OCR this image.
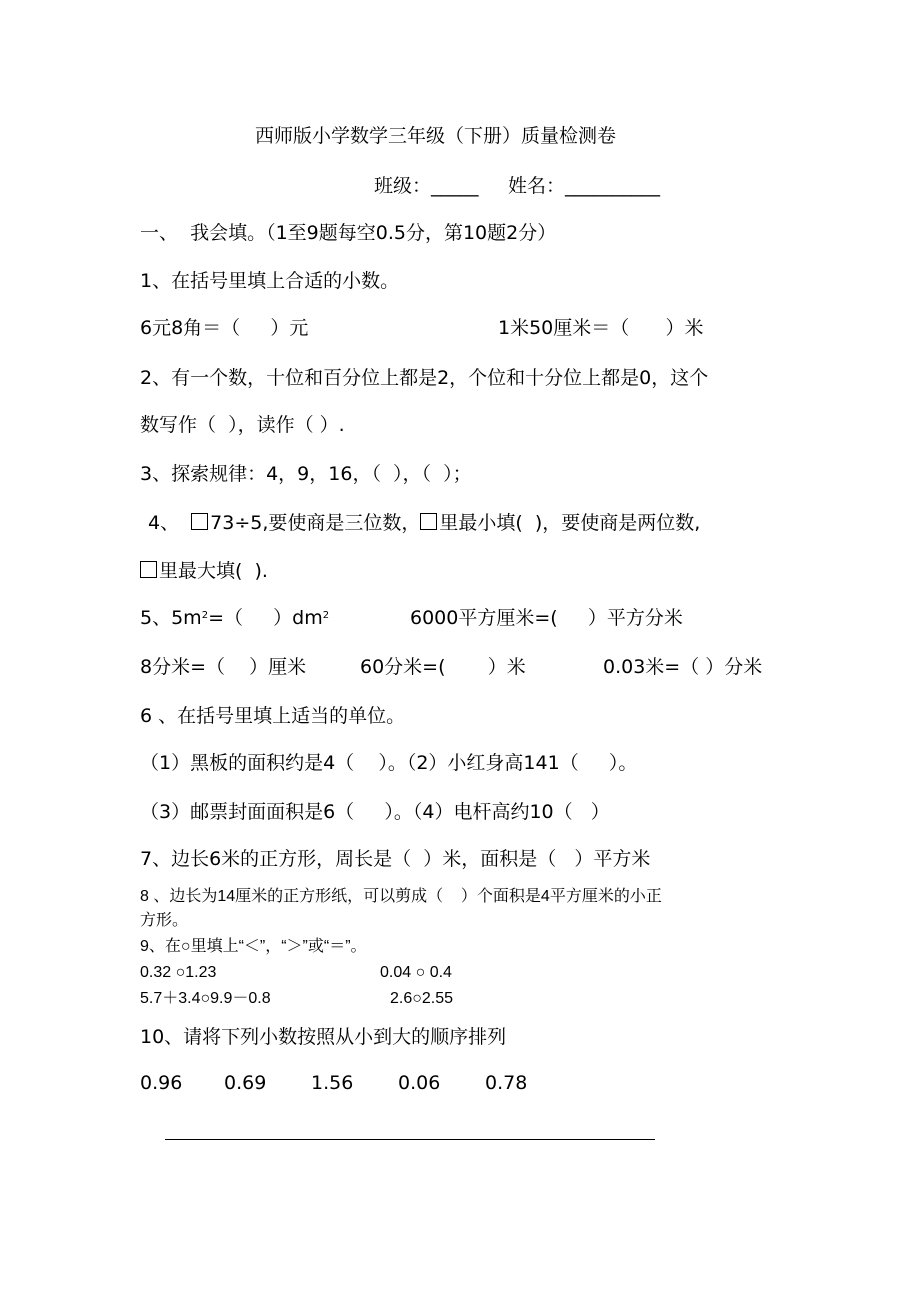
西师版小学数学三年级（下册）质量检测卷
班级：_____ 姓名：__________
一、  我会填。（1至9题每空0.5分，第10题2分）
1、在括号里填上合适的小数。
6元8角＝（     ）元	1米50厘米＝（      ）米
2、有一个数，十位和百分位上都是2，个位和十分位上都是0，这个
数写作（  ），读作（ ）.
3、探索规律：4，9，16，（  ），（  ）；
4、  73÷5,要使商是三位数， 里最小填(  )，要使商是两位数,
里最大填(  ).
5、$5m^2=$（     ）$dm^2$	6000平方厘米=(     ）平方分米
8分米=（    ）厘米	60分米=(       ）米	0.03米=（ ）分米
6 、在括号里填上适当的单位。
（1）黑板的面积约是4（    ）。（2）小红身高141（     ）。
（3）邮票封面面积是6（     ）。（4）电杆高约10（   ）
7、边长6米的正方形，周长是（  ）米，面积是（   ）平方米
8 、边长为14厘米的正方形纸，可以剪成（    ）个面积是4平方厘米的小正
方形。
9、在○里填上“＜”，“＞”或“＝”。
0.32 ○1.23	0.04 ○ 0.4
5.7＋3.4○9.9－0.8	2.6○2.55
10、请将下列小数按照从小到大的顺序排列
0.96 0.69 1.56 0.06 0.78
